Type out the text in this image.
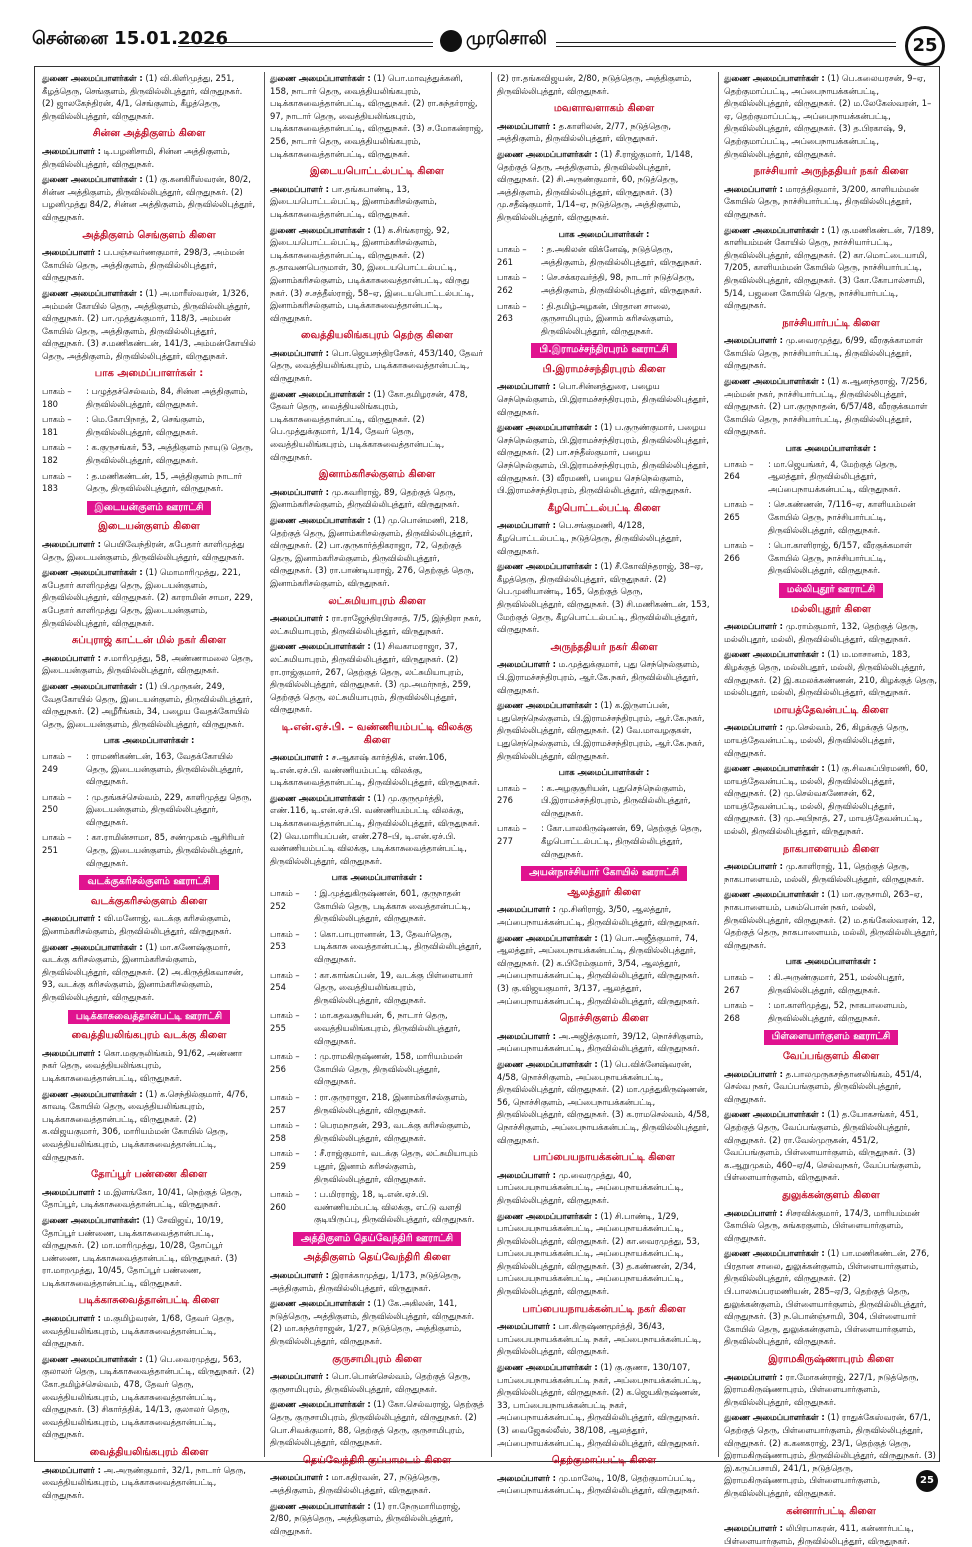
சென்னை 15.01.2026	முரசொலி	25

துணை அமைப்பாளர்கள் : (1) வி.கிளிமுத்து, 251, கீழத்தெரு, செங்குளம், திருவில்லிபுத்தூர், விருதுநகர். (2) ஜாலகேந்திரன், 4/1, செங்குளம், கீழத்தெரு, திருவில்லிபுத்தூர், விருதுநகர்.

சின்ன அத்திகுளம் கிளை

அமைப்பாளர் : டி.பழனிசாமி, சின்ன அத்திகுளம், திருவில்லிபுத்தூர், விருதுநகர்.

துணை அமைப்பாளர்கள் : (1) கு.கனகிரீஸ்வரன், 80/2, சின்ன அத்திகுளம், திருவில்லிபுத்தூர், விருதுநகர். (2) பழனிமுத்து 84/2, சின்ன அத்திகுளம், திருவில்லிபுத்தூர், விருதுநகர்.

அத்திகுளம் செங்குளம் கிளை

அமைப்பாளர் : ப.பஞ்சவர்ணகுமார், 298/3, அம்மன் கோயில் தெரு, அத்திகுளம், திருவில்லிபுத்தூர், விருதுநகர்.

துணை அமைப்பாளர்கள் : (1) அ.மாரீஸ்வரன், 1/326, அம்மன் கோயில் தெரு, அத்திகுளம், திருவில்லிபுத்தூர், விருதுநகர். (2) பா.முத்துக்குமார், 118/3, அம்மன் கோயில் தெரு, அத்திகுளம், திருவில்லிபுத்தூர், விருதுநகர். (3) ச.மணிகண்டன், 141/3, அம்மன்கோயில் தெரு, அத்திகுளம், திருவில்லிபுத்தூர், விருதுநகர்.

பாக அமைப்பாளர்கள் :
பாகம் – 180
: பழுத்தச்செல்வம், 84, சின்ன அத்திகுளம், திருவில்லிபுத்தூர், விருதுநகர்.
பாகம் – 181
: மெ.கோபிநாத், 2, செங்குளம், திருவில்லிபுத்தூர், விருதுநகர்.
பாகம் – 182
: க.குருசங்கர், 53, அத்திகுளம் நாயுடு தெரு, திருவில்லிபுத்தூர், விருதுநகர்.
பாகம் – 183
: த.மணிகண்டன், 15, அத்திகுளம் நாடார் தெரு, திருவில்லிபுத்தூர், விருதுநகர்.
இடையன்குளம் ஊராட்சி
இடையன்குளம் கிளை

அமைப்பாளர் : பெயிவேந்திரன், கபேதார் காளிமுத்து தெரு, இடையன்குளம், திருவில்லிபுத்தூர், விருதுநகர்.

துணை அமைப்பாளர்கள் : (1) மொமாரிமுத்து, 221, கபேதார் காளிமுத்து தெரு, இடையன்குளம், திருவில்லிபுத்தூர், விருதுநகர். (2) காராமின் சாமா, 229, கபேதார் காளிமுத்து தெரு, இடையன்குளம், திருவில்லிபுத்தூர், விருதுநகர்.

சுப்புராஜ் காட்டன் மில் நகர் கிளை

அமைப்பாளர் : ச.மாரிமுத்து, 58, அண்ணாமலை தெரு, இடையன்குளம், திருவில்லிபுத்தூர், விருதுநகர்.

துணை அமைப்பாளர்கள் : (1) பி.முருகன், 249, வேதகோயில் தெரு, இடையன்குளம், திருவில்லிபுத்தூர், விருதுநகர். (2) அழீரீங்கம், 34, பழைய வேதக்கோயில் தெரு, இடையன்குளம், திருவில்லிபுத்தூர், விருதுநகர்.

பாக அமைப்பாளர்கள் :
பாகம் – 249
: ராமணிகண்டன், 163, வேதக்கோயில் தெரு, இடையன்குளம், திருவில்லிபுத்தூர், விருதுநகர்.
பாகம் – 250
: மு.தங்கச்செல்வம், 229, காளிமுத்து தெரு, இடையன்குளம், திருவில்லிபுத்தூர், விருதுநகர்.
பாகம் – 251
: கா.ராமின்சாமா, 85, சண்முகம் ஆசிரியர் தெரு, இடையன்குளம், திருவில்லிபுத்தூர், விருதுநகர்.
வடக்குகரிசல்குளம் ஊராட்சி
வடக்குகரிசல்குளம் கிளை

அமைப்பாளர் : வி.மனோஜ், வடக்கு கரிசல்குளம், இனாம்கரிசல்குளம், திருவில்லிபுத்தூர், விருதுநகர்.

துணை அமைப்பாளர்கள் : (1) மா.கணேஷ்குமார், வடக்கு கரிசல்குளம், இனாம்கரிசல்குளம், திருவில்லிபுத்தூர், விருதுநகர். (2) அ.கிருத்திகவாசன், 93, வடக்கு கரிசல்குளம், இனாம்கரிசல்குளம், திருவில்லிபுத்தூர், விருதுநகர்.

படிக்காசுவைத்தான்பட்டி ஊராட்சி
வைத்தியலிங்கபுரம் வடக்கு கிளை

அமைப்பாளர் : கொ.மகுருலிங்கம், 91/62, அண்ணா நகர் தெரு, வைத்தியலிங்கபுரம், படிக்காசுவைத்தான்பட்டி, விருதுநகர்.

துணை அமைப்பாளர்கள் : (1) க.செந்தில்குமார், 4/76, காவடி கோயில் தெரு, வைத்தியலிங்கபுரம், படிக்காசுவைத்தான்பட்டி, விருதுநகர். (2) க.விஜயகுமார், 306, மாரியம்மன் கோயில் தெரு, வைத்தியலிங்கபுரம், படிக்காசுவைத்தான்பட்டி, விருதுநகர்.

தோப்பூர் பண்ணை கிளை

அமைப்பாளர் : ம.இளங்கோ, 10/41, நெற்குத் தெரு, தோப்பூர், படிக்காசுவைத்தான்பட்டி, விருதுநகர்.

துணை அமைப்பாளர்கள்: (1) சேவிஜய், 10/19, தோப்பூர் பண்ணை, படிக்காசுவைத்தான்பட்டி, விருதுநகர். (2) மா.மாரிமுத்து, 10/28, தோப்பூர் பண்ணை, படிக்காசுவைத்தான்பட்டி, விருதுநகர். (3) ரா.மாறமுத்து, 10/45, தோப்பூர் பண்ணை, படிக்காசுவைத்தான்பட்டி, விருதுநகர்.

படிக்காசுவைத்தான்பட்டி கிளை

அமைப்பாளர் : ம.குமிழ்வரன், 1/68, தேவர் தெரு, வைத்தியலிங்கபுரம், படிக்காசுவைத்தான்பட்டி, விருதுநகர்.

துணை அமைப்பாளர்கள் : (1) பெ.வைரமுத்து, 563, குலாலர் தெரு, படிக்காசுவைத்தான்பட்டி, விருதுநகர். (2) கோ.தமிழ்ச்செல்வம், 478, தேவர் தெரு, வைத்தியலிங்கபுரம், படிக்காசுவைத்தான்பட்டி, விருதுநகர். (3) சிகார்த்திக், 14/13, குலாலர் தெரு, வைத்தியலிங்கபுரம், படிக்காசுவைத்தான்பட்டி, விருதுநகர்.

வைத்தியலிங்கபுரம் கிளை

அமைப்பாளர் : அ.அருண்குமார், 32/1, நாடார் தெரு, வைத்தியலிங்கபுரம், படிக்காசுவைத்தான்பட்டி, விருதுநகர்.

துணை அமைப்பாளர்கள் : (1) பொ.மாவுத்துக்கனி, 158, நாடார் தெரு, வைத்தியலிங்கபுரம், படிக்காசுவைத்தான்பட்டி, விருதுநகர். (2) ரா.சுந்தர்ராஜ், 97, நாடார் தெரு, வைத்தியலிங்கபுரம், படிக்காசுவைத்தான்பட்டி, விருதுநகர். (3) ச.மோகன்ராஜ், 256, நாடார் தெரு, வைத்தியலிங்கபுரம், படிக்காசுவைத்தான்பட்டி, விருதுநகர்.

இடையபொட்டல்பட்டி கிளை

அமைப்பாளர் : பா.தங்கபாண்டி, 13, இடையபொட்டல்பட்டி, இனாம்கரிசல்குளம், படிக்காசுவைத்தான்பட்டி, விருதுநகர்.

துணை அமைப்பாளர்கள் : (1) க.சிங்கராஜ், 92, இடையபொட்டல்பட்டி, இனாம்கரிசல்குளம், படிக்காசுவைத்தான்பட்டி, விருதுநகர். (2) த.தாவணபெருமாள், 30, இடையபொட்டல்பட்டி, இனாம்கரிசல்குளம், படிக்காசுவைத்தான்பட்டி, விருது நகர். (3) ச.சத்தீஸ்ராஜ், 58–ஏ, இடையபொட்டல்பட்டி, இனாம்கரிசல்குளம், படிக்காசுவைத்தான்பட்டி, விருதுநகர்.

வைத்தியலிங்கபுரம் தெற்கு கிளை

அமைப்பாளர் : பொ.ஜெயசந்திரசேகர், 453/140, தேவர் தெரு, வைத்தியலிங்கபுரம், படிக்காசுவைத்தான்பட்டி, விருதுநகர்.

துணை அமைப்பாளர்கள் : (1) கோ.தமிழரசன், 478, தேவர் தெரு, வைத்தியலிங்கபுரம், படிக்காசுவைத்தான்பட்டி, விருதுநகர். (2) பெ.முத்துக்குமார், 1/14, தேவர் தெரு, வைத்தியலிங்கபுரம், படிக்காசுவைத்தான்பட்டி, விருதுநகர்.

இனாம்கரிசல்குளம் கிளை

அமைப்பாளர் : மு.கவரிராஜ், 89, தெற்குத் தெரு, இனாம்கரிசல்குளம், திருவில்லிபுத்தூர், விருதுநகர்.

துணை அமைப்பாளர்கள் : (1) மு.பொன்மணி, 218, தெற்குத் தெரு, இனாம்கரிசல்குளம், திருவில்லிபுத்தூர், விருதுநகர். (2) பா.குருகார்த்திகராஜா, 72, தெற்குத் தெரு, இனாம்கரிசல்குளம், திருவில்லிபுத்தூர், விருதுநகர். (3) ரா.பாண்டியராஜ், 276, தெற்குத் தெரு, இனாம்கரிசல்குளம், விருதுநகர்.

லட்சுமியாபுரம் கிளை

அமைப்பாளர் : ரா.ராஜேந்திரபிரசாத், 7/5, இந்திரா நகர், லட்சுமியாபுரம், திருவில்லிபுத்தூர், விருதுநகர்.

துணை அமைப்பாளர்கள் : (1) சிவகாமராஜா, 37, லட்சுமியாபுரம், திருவில்லிபுத்தூர், விருதுநகர். (2) ரா.ராஜ்குமார், 267, தெற்குத் தெரு, லட்சுமியாபுரம், திருவில்லிபுத்தூர், விருதுநகர். (3) மு.அமர்நாத், 259, தெற்குத் தெரு, லட்சுமியாபுரம், திருவில்லிபுத்தூர், விருதுநகர்.

டி.என்.ஏச்.பி. – வண்ணியம்பட்டி விலக்கு கிளை

அமைப்பாளர் : ச.ஆகாஷ் கார்த்திக், எண்.106, டி.என்.ஏச்.பி. வண்ணியம்பட்டி விலக்கு, படிக்காசுவைத்தான்பட்டி, திருவில்லிபுத்தூர், விருதுநகர்.

துணை அமைப்பாளர்கள் : (1) மு.குருமூர்த்தி, எண்.116, டி.என்.ஏச்.பி. வண்ணியம்பட்டி விலக்கு, படிக்காசுவைத்தான்பட்டி, திருவில்லிபுத்தூர், விருதுநகர். (2) வெ.மாரியப்பன், எண்.278–பி, டி.என்.ஏச்.பி. வண்ணியம்பட்டி விலக்கு, படிக்காசுவைத்தான்பட்டி, திருவில்லிபுத்தூர், விருதுநகர்.

பாக அமைப்பாளர்கள் :
பாகம் – 252
: இ.முத்துகிருஷ்ணன், 601, குருநாதன் கோயில் தெரு, படிக்காசு வைத்தான்பட்டி, திருவில்லிபுத்தூர், விருதுநகர்.
பாகம் – 253
: கொ.பாபுரானான், 13, தேவர்தெரு, படிக்காசு வைத்தான்பட்டி, திருவில்லிபுத்தூர், விருதுநகர்.
பாகம் – 254
: கா.காங்கப்பன், 19, வடக்கு பிள்ளையார் தெரு, வைத்தியலிங்கபுரம், திருவில்லிபுத்தூர், விருதுநகர்.
பாகம் – 255
: மா.கதவசூரியன், 6, நாடார் தெரு, வைத்தியலிங்கபுரம், திருவில்லிபுத்தூர், விருதுநகர்.
பாகம் – 256
: மு.ராமகிருஷ்ணன், 158, மாரியம்மன் கோயில் தெரு, திருவில்லிபுத்தூர், விருதுநகர்.
பாகம் – 257
: ரா.குருராஜா, 218, இனாம்கரிசல்குளம், திருவில்லிபுத்தூர், விருதுநகர்.
பாகம் – 258
: பெரமநாதன், 293, வடக்கு கரிசல்குளம், திருவில்லிபுத்தூர், விருதுநகர்.
பாகம் – 259
: சீ.ராஜ்குமார், வடக்கு தெரு, லட்சுமியாபும் புதூர், இனாம் கரிசல்குளம், திருவில்லிபுத்தூர், விருதுநகர்.
பாகம் – 260
: ப.மிரராஜ், 18, டி.என்.ஏச்.பி. வண்ணியம்பட்டி விலக்கு, எட்டு வளதி குடியிருப்பு, திருவில்லிபுத்தூர், விருதுநகர்.
அத்திகுளம் தெய்வேந்திரி ஊராட்சி
அத்திகுளம் தெய்வேந்திரி கிளை

அமைப்பாளர் : இராக்காமுத்து, 1/173, நடுத்தெரு, அத்திகுளம், திருவில்லிபுத்தூர், விருதுநகர்.

துணை அமைப்பாளர்கள் : (1) கே.அகிலன், 141, நடுத்தெரு, அத்திகுளம், திருவில்லிபுத்தூர், விருதுநகர். (2) மா.சுந்தர்ராஜன், 1/27, நடுத்தெரு, அத்திகுளம், திருவில்லிபுத்தூர், விருதுநகர்.

குருசாமிபுரம் கிளை

அமைப்பாளர் : பொ.பொன்செல்வம், தெற்குத் தெரு, குருசாமிபுரம், திருவில்லிபுத்தூர், விருதுநகர்.

துணை அமைப்பாளர்கள் : (1) கோ.செல்வராஜ், தெற்குத் தெரு, குருசாமிபுரம், திருவில்லிபுத்தூர், விருதுநகர். (2) பொ.சிவக்குமார், 88, தெற்குத் தெரு, குருசாமிபுரம், திருவில்லிபுத்தூர், விருதுநகர்.

தெய்வேந்திரி குப்பாமடம் கிளை

அமைப்பாளர் : மா.கதிரவன், 27, நடுத்தெரு, அத்திகுளம், திருவில்லிபுத்தூர், விருதுநகர்.

துணை அமைப்பாளர்கள் : (1) ரா.நேருமாரிமராஜ், 2/80, நடுத்தெரு, அத்திகுளம், திருவில்லிபுத்தூர், விருதுநகர்.

(2) ரா.தங்கவிஜயன், 2/80, நடுத்தெரு, அத்திகுளம், திருவில்லிபுத்தூர், விருதுநகர்.

மவளாவளாகம் கிளை

அமைப்பாளர் : த.காளிலன், 2/77, நடுத்தெரு, அத்திகுளம், திருவில்லிபுத்தூர், விருதுநகர்.

துணை அமைப்பாளர்கள் : (1) சீ.ராஜ்குமார், 1/148, தெற்குத் தெரு, அத்திகுளம், திருவில்லிபுத்தூர், விருதுநகர். (2) சி.அருண்குமார், 60, நடுத்தெரு, அத்திகுளம், திருவில்லிபுத்தூர், விருதுநகர். (3) மு.சதீஷ்குமார், 1/14–ஏ, நடுத்தெரு, அத்திகுளம், திருவில்லிபுத்தூர், விருதுநகர்.

பாக அமைப்பாளர்கள் :
பாகம் – 261
: த.அகிலன் விக்னேஷ், நடுத்தெரு, அத்திகுளம், திருவில்லிபுத்தூர், விருதுநகர்.
பாகம் – 262
: செ.சக்கரவர்த்தி, 98, நாடார் நடுத்தெரு, அத்திகுளம், திருவில்லிபுத்தூர், விருதுநகர்.
பாகம் – 263
: தி.தமிழ்அழகன், பிரதான சாலை, குருசாமிபுரம், இனாம் கரிசல்குளம், திருவில்லிபுத்தூர், விருதுநகர்.
பி.இராமச்சந்திரபுரம் ஊராட்சி
பி.இராமச்சந்திரபுரம் கிளை

அமைப்பாளர் : பொ.சின்னத்துரை, பழைய செந்நெல்குளம், பி.இராமச்சந்திரபுரம், திருவில்லிபுத்தூர், விருதுநகர்.

துணை அமைப்பாளர்கள் : (1) ப.குருண்குமார், பழைய செந்நெல்குளம், பி.இராமச்சந்திரபுரம், திருவில்லிபுத்தூர், விருதுநகர். (2) பா.சந்தீஸ்குமார், பழைய செந்நெல்குளம், பி.இராமச்சந்திரபுரம், திருவில்லிபுத்தூர், விருதுநகர். (3) வீரமணி, பழைய செந்நெல்குளம், பி.இராமச்சந்திரபுரம், திருவில்லிபுத்தூர், விருதுநகர்.

கீழபொட்டல்பட்டி கிளை

அமைப்பாளர் : பெ.சங்குமணி, 4/128, கீழபொட்டல்பட்டி, நடுத்தெரு, திருவில்லிபுத்தூர், விருதுநகர்.

துணை அமைப்பாளர்கள் : (1) சீ.கோவிந்தராஜ், 38–ஏ, கீழத்தெரு, திருவில்லிபுத்தூர், விருதுநகர். (2) பெ.முனியாண்டி, 165, தெற்குத் தெரு, திருவில்லிபுத்தூர், விருதுநகர். (3) சி.மணிகண்டன், 153, மேற்குத் தெரு, கீழபொட்டல்பட்டி, திருவில்லிபுத்தூர், விருதுநகர்.

அருந்ததியர் நகர் கிளை

அமைப்பாளர் : ம.முத்துக்குமார், புது செந்நெல்குளம், பி.இராமச்சந்திரபுரம், ஆர்.கே.நகர், திருவில்லிபுத்தூர், விருதுநகர்.

துணை அமைப்பாளர்கள் : (1) க.இருளப்பன், புதுசெந்நெல்குளம், பி.இராமச்சந்திரபுரம், ஆர்.கே.நகர், திருவில்லிபுத்தூர், விருதுநகர். (2) வே.மாவழகுகள், புதுசெந்நெல்குளம், பி.இராமச்சந்திரபுரம், ஆர்.கே.நகர், திருவில்லிபுத்தூர், விருதுநகர்.

பாக அமைப்பாளர்கள் :
பாகம் – 276
: க.அழகுசூரியன், புதுசெந்நெல்குளம், பி.இராமச்சந்திரபுரம், திருவில்லிபுத்தூர், விருதுநகர்.
பாகம் – 277
: கோ.பாலகிருஷ்ணன், 69, தெற்குத் தெரு, கீழபொட்டல்பட்டி, திருவில்லிபுத்தூர், விருதுநகர்.
அயன்நாச்சியார் கோயில் ஊராட்சி
ஆலத்தூர் கிளை

அமைப்பாளர் : மு.சினிராஜ், 3/50, ஆலத்தூர், அப்பைநாயக்கன்பட்டி, திருவில்லிபுத்தூர், விருதுநகர்.

துணை அமைப்பாளர்கள் : (1) பொ.அஜீத்குமார், 74, ஆலத்தூர், அப்பைநாயக்கன்பட்டி, திருவில்லிபுத்தூர், விருதுநகர். (2) க.பிரேம்குமார், 3/54, ஆலத்தூர், அப்பைநாயக்கன்பட்டி, திருவில்லிபுத்தூர், விருதுநகர். (3) கு.விஜயகுமார், 3/137, ஆலத்தூர், அப்பைநாயக்கன்பட்டி, திருவில்லிபுத்தூர், விருதுநகர்.

நொச்சிகுளம் கிளை

அமைப்பாளர் : அ.அஜித்குமார், 39/12, நொச்சிகுளம், அப்பைநாயக்கன்பட்டி, திருவில்லிபுத்தூர், விருதுநகர்.

துணை அமைப்பாளர்கள் : (1) பெ.விக்னேஷ்வரன், 4/58, நொச்சிகுளம், அப்பைநாயக்கன்பட்டி, திருவில்லிபுத்தூர், விருதுநகர். (2) மா.முத்துகிருஷ்ணன், 56, நொச்சிகுளம், அப்பைநாயக்கன்பட்டி, திருவில்லிபுத்தூர், விருதுநகர். (3) க.ராமசெல்வம், 4/58, நொச்சிகுளம், அப்பைநாயக்கன்பட்டி, திருவில்லிபுத்தூர், விருதுநகர்.

பாப்பையநாயக்கன்பட்டி கிளை

அமைப்பாளர் : மு.வைரமுத்து, 40, பாப்பையநாயக்கன்பட்டி, அப்பைநாயக்கன்பட்டி, திருவில்லிபுத்தூர், விருதுநகர்.

துணை அமைப்பாளர்கள் : (1) சி.பாண்டி, 1/29, பாப்பையநாயக்கன்பட்டி, அப்பைநாயக்கன்பட்டி, திருவில்லிபுத்தூர், விருதுநகர். (2) கா.வைரமுத்து, 53, பாப்பையநாயக்கன்பட்டி, அப்பைநாயக்கன்பட்டி, திருவில்லிபுத்தூர், விருதுநகர். (3) த.கண்ணன், 2/34, பாப்பையநாயக்கன்பட்டி, அப்பைநாயக்கன்பட்டி, திருவில்லிபுத்தூர், விருதுநகர்.

பாப்பையநாயக்கன்பட்டி நகர் கிளை

அமைப்பாளர் : பா.கிருஷ்ணமூர்த்தி, 36/43, பாப்பையநாயக்கன்பட்டி நகர், அப்பைநாயக்கன்பட்டி, திருவில்லிபுத்தூர், விருதுநகர்.

துணை அமைப்பாளர்கள் : (1) கு.குணா, 130/107, பாப்பையநாயக்கன்பட்டி நகர், அப்பைநாயக்கன்பட்டி, திருவில்லிபுத்தூர், விருதுநகர். (2) க.ஜெயகிருஷ்ணன், 33, பாப்பையநாயக்கன்பட்டி நகர், அப்பைநாயக்கன்பட்டி, திருவில்லிபுத்தூர், விருதுநகர். (3) வைஜேசுல்லீஸ், 38/108, ஆலத்தூர், அப்பைநாயக்கன்பட்டி, திருவில்லிபுத்தூர், விருதுநகர்.

தெற்குமாப்பட்டி கிளை

அமைப்பாளர் : மு.மாலேடி, 10/8, தெற்குமாப்பட்டி, அப்பைநாயக்கன்பட்டி, திருவில்லிபுத்தூர், விருதுநகர்.

துணை அமைப்பாளர்கள் : (1) பெ.கலையரசன், 9–ஏ, தெற்குமாப்பட்டி, அப்பைநாயக்கன்பட்டி, திருவில்லிபுத்தூர், விருதுநகர். (2) ம.லேகேஸ்வரன், 1–ஏ, தெற்குமாப்பட்டி, அப்பைநாயக்கன்பட்டி, திருவில்லிபுத்தூர், விருதுநகர். (3) த.பிரகாஷ், 9, தெற்குமாப்பட்டி, அப்பைநாயக்கன்பட்டி, திருவில்லிபுத்தூர், விருதுநகர்.

நாச்சியார் அருந்ததியர் நகர் கிளை

அமைப்பாளர் : மாரத்திகுமார், 3/200, காளியம்மன் கோயில் தெரு, நாச்சியார்பட்டி, திருவில்லிபுத்தூர், விருதுநகர்.

துணை அமைப்பாளர்கள் : (1) கு.மணிகண்டன், 7/189, காளியம்மன் கோயில் தெரு, நாச்சியார்பட்டி, திருவில்லிபுத்தூர், விருதுநகர். (2) கா.மொட்டையாமி, 7/205, காளியம்மன் கோயில் தெரு, நாச்சியார்பட்டி, திருவில்லிபுத்தூர், விருதுநகர். (3) கோ.கோபால்சாமி, 5/14, பஜனை கோயில் தெரு, நாச்சியார்பட்டி, விருதுநகர்.

நாச்சியார்பட்டி கிளை

அமைப்பாளர் : மு.வைரமுத்து, 6/99, வீரகுக்காமாள் கோயில் தெரு, நாச்சியார்பட்டி, திருவில்லிபுத்தூர், விருதுநகர்.

துணை அமைப்பாளர்கள் : (1) க.ஆனந்தராஜ், 7/256, அம்மன் நகர், நாச்சியார்பட்டி, திருவில்லிபுத்தூர், விருதுநகர். (2) பா.குருநாதன், 6/57/48, வீரகுக்கமாள் கோயில் தெரு, நாச்சியார்பட்டி, திருவில்லிபுத்தூர், விருதுநகர்.

பாக அமைப்பாளர்கள் :
பாகம் – 264
: மா.ஜெயங்கர், 4, மேற்குத் தெரு, ஆலத்தூர், திருவில்லிபுத்தூர், அப்பைநாயக்கன்பட்டி, விருதுநகர்.
பாகம் – 265
: செ.கண்ணன், 7/116–ஏ, காளியம்மன் கோயில் தெரு, நாச்சியார்பட்டி, திருவில்லிபுத்தூர், விருதுநகர்.
பாகம் – 266
: பொ.காளிராஜ், 6/157, வீரகுக்கமாள் கோயில் தெரு, நாச்சியார்பட்டி, திருவில்லிபுத்தூர், விருதுநகர்.
மல்லிபுதூர் ஊராட்சி
மல்லிபுதூர் கிளை

அமைப்பாளர் : மு.ராம்குமார், 132, தெற்குத் தெரு, மல்லிபுதூர், மல்லி, திருவில்லிபுத்தூர், விருதுநகர்.

துணை அமைப்பாளர்கள் : (1) ம.மாசானம், 183, கிழக்குத் தெரு, மல்லிபுதூர், மல்லி, திருவில்லிபுத்தூர், விருதுநகர். (2) இ.கமலக்கண்ணன், 210, கிழக்குத் தெரு, மல்லிபுதூர், மல்லி, திருவில்லிபுத்தூர், விருதுநகர்.

மாயத்தேவன்பட்டி கிளை

அமைப்பாளர் : மு.செல்வம், 26, கிழக்குத் தெரு, மாயத்தேவன்பட்டி, மல்லி, திருவில்லிபுத்தூர், விருதுநகர்.

துணை அமைப்பாளர்கள் : (1) கு.சிவசுப்பிரமணி, 60, மாயத்தேவன்பட்டி, மல்லி, திருவில்லிபுத்தூர், விருதுநகர். (2) மு.செல்வகணேசன், 62, மாயத்தேவன்பட்டி, மல்லி, திருவில்லிபுத்தூர், விருதுநகர். (3) மு.அபிநாத், 27, மாயத்தேவன்பட்டி, மல்லி, திருவில்லிபுத்தூர், விருதுநகர்.

நாகபாளையம் கிளை

அமைப்பாளர் : மு.காளிராஜ், 11, தெற்குத் தெரு, நாகபாளையம், மல்லி, திருவில்லிபுத்தூர், விருதுநகர்.

துணை அமைப்பாளர்கள் : (1) மா.குருசாமி, 263–ஏ, நாகபாளையம், பசும்பொன் நகர், மல்லி, திருவில்லிபுத்தூர், விருதுநகர். (2) ம.தங்கேஸ்வரன், 12, தெற்குத் தெரு, நாகபாளையம், மல்லி, திருவில்லிபுத்தூர், விருதுநகர்.

பாக அமைப்பாளர்கள் :
பாகம் – 267
: கி.அருண்குமார், 251, மல்லிபுதூர், திருவில்லிபுத்தூர், விருதுநகர்.
பாகம் – 268
: மா.காளிமுத்து, 52, நாகபாளையம், திருவில்லிபுத்தூர், விருதுநகர்.
பிள்ளையார்குளம் ஊராட்சி
வேப்பங்குளம் கிளை

அமைப்பாளர் : த.பாலமுருகசந்தானலிங்கம், 451/4, செல்வ நகர், வேப்பங்குளம், திருவில்லிபுத்தூர், விருதுநகர்.

துணை அமைப்பாளர்கள் : (1) த.யோகசங்கர், 451, தெற்குத் தெரு, வேப்பங்குளம், திருவில்லிபுத்தூர், விருதுநகர். (2) ரா.வேல்முருகன், 451/2, வேப்பங்குளம், பிள்ளையார்குளம், விருதுநகர். (3) க.ஆறுமுகம், 460–ஏ/4, செல்வநகர், வேப்பங்குளம், பிள்ளையார்குளம், விருதுநகர்.

துலுக்கன்குளம் கிளை

அமைப்பாளர் : சிசரவிக்குமார், 174/3, மாரியம்மன் கோயில் தெரு, சுங்கரகுளம், பிள்ளையார்குளம், விருதுநகர்.

துணை அமைப்பாளர்கள் : (1) பா.மணிகண்டன், 276, பிரதான சாலை, துலுக்கன்குளம், பிள்ளையார்குளம், திருவில்லிபுத்தூர், விருதுநகர். (2) பி.பாலசுப்பரமணியன், 285–ஏ/3, தெற்குத் தெரு, துலுக்கன்குளம், பிள்ளையார்குளம், திருவில்லிபுத்தூர், விருதுநகர். (3) ந.பொன்ஞ்சாமி, 304, பிள்ளையார் கோயில் தெரு, துலுக்கன்குளம், பிள்ளையார்குளம், திருவில்லிபுத்தூர், விருதுநகர்.

இராமகிருஷ்ணாபுரம் கிளை

அமைப்பாளர் : ரா.மோகன்ராஜ், 227/1, நடுத்தெரு, இராமகிருஷ்ணாபுரம், பிள்ளையார்குளம், திருவில்லிபுத்தூர், விருதுநகர்.

துணை அமைப்பாளர்கள் : (1) ராதுக்கேஸ்வரன், 67/1, தெற்குத் தெரு, பிள்ளையார்குளம், திருவில்லிபுத்தூர், விருதுநகர். (2) க.கனகராஜ், 23/1, தெற்குத் தெரு, இராமகிருஷ்ணாபுரம், திருவில்லிபுத்தூர், விருதுநகர். (3) இ.கருப்பசாமி, 241/1, நடுத்தெரு, இராமகிருஷ்ணாபுரம், பிள்ளையார்குளம், திருவில்லிபுத்தூர், விருதுநகர்.

கன்னார்பட்டி கிளை

அமைப்பாளர் : லிபிரபாகரன், 411, கன்னார்பட்டி, பிள்ளையார்குளம், திருவில்லிபுத்தூர், விருதுநகர்.

25
